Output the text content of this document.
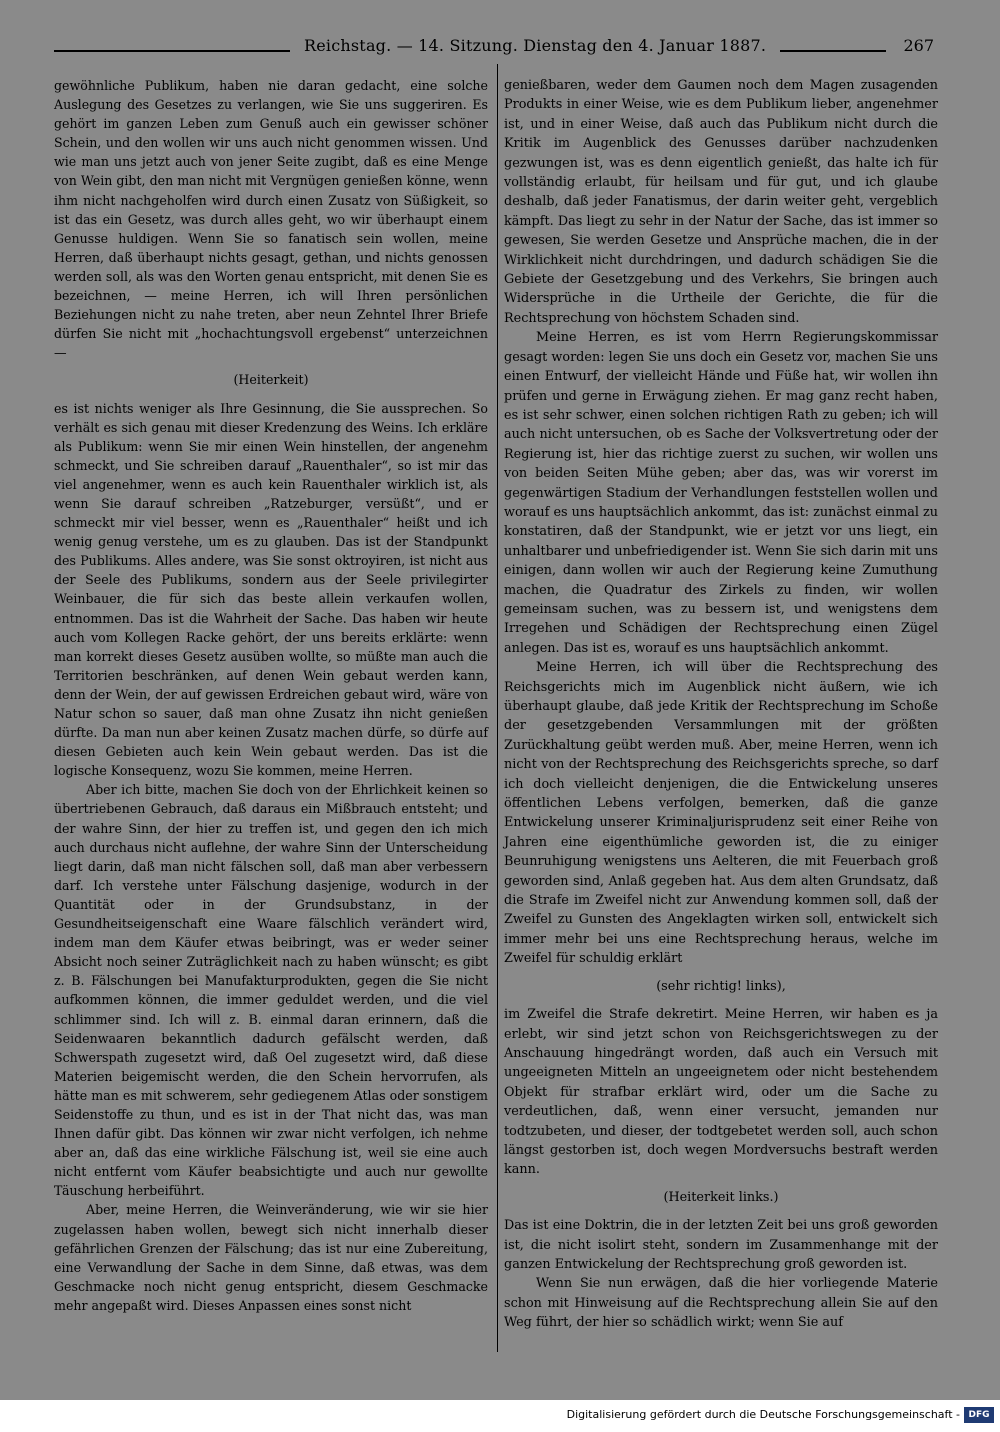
Reichstag. — 14. Sitzung. Dienstag den 4. Januar 1887.	267

gewöhnliche Publikum, haben nie daran gedacht, eine solche Auslegung des Gesetzes zu verlangen, wie Sie uns suggeriren. Es gehört im ganzen Leben zum Genuß auch ein gewisser schöner Schein, und den wollen wir uns auch nicht genommen wissen. Und wie man uns jetzt auch von jener Seite zugibt, daß es eine Menge von Wein gibt, den man nicht mit Vergnügen genießen könne, wenn ihm nicht nachgeholfen wird durch einen Zusatz von Süßigkeit, so ist das ein Gesetz, was durch alles geht, wo wir überhaupt einem Genusse huldigen. Wenn Sie so fanatisch sein wollen, meine Herren, daß überhaupt nichts gesagt, gethan, und nichts genossen werden soll, als was den Worten genau entspricht, mit denen Sie es bezeichnen, — meine Herren, ich will Ihren persönlichen Beziehungen nicht zu nahe treten, aber neun Zehntel Ihrer Briefe dürfen Sie nicht mit „hochachtungsvoll ergebenst“ unterzeichnen —

(Heiterkeit)

es ist nichts weniger als Ihre Gesinnung, die Sie aussprechen. So verhält es sich genau mit dieser Kredenzung des Weins. Ich erkläre als Publikum: wenn Sie mir einen Wein hinstellen, der angenehm schmeckt, und Sie schreiben darauf „Rauenthaler“, so ist mir das viel angenehmer, wenn es auch kein Rauenthaler wirklich ist, als wenn Sie darauf schreiben „Ratzeburger, versüßt“, und er schmeckt mir viel besser, wenn es „Rauenthaler“ heißt und ich wenig genug verstehe, um es zu glauben. Das ist der Standpunkt des Publikums. Alles andere, was Sie sonst oktroyiren, ist nicht aus der Seele des Publikums, sondern aus der Seele privilegirter Weinbauer, die für sich das beste allein verkaufen wollen, entnommen. Das ist die Wahrheit der Sache. Das haben wir heute auch vom Kollegen Racke gehört, der uns bereits erklärte: wenn man korrekt dieses Gesetz ausüben wollte, so müßte man auch die Territorien beschränken, auf denen Wein gebaut werden kann, denn der Wein, der auf gewissen Erdreichen gebaut wird, wäre von Natur schon so sauer, daß man ohne Zusatz ihn nicht genießen dürfte. Da man nun aber keinen Zusatz machen dürfe, so dürfe auf diesen Gebieten auch kein Wein gebaut werden. Das ist die logische Konsequenz, wozu Sie kommen, meine Herren.

Aber ich bitte, machen Sie doch von der Ehrlichkeit keinen so übertriebenen Gebrauch, daß daraus ein Mißbrauch entsteht; und der wahre Sinn, der hier zu treffen ist, und gegen den ich mich auch durchaus nicht auflehne, der wahre Sinn der Unterscheidung liegt darin, daß man nicht fälschen soll, daß man aber verbessern darf. Ich verstehe unter Fälschung dasjenige, wodurch in der Quantität oder in der Grundsubstanz, in der Gesundheitseigenschaft eine Waare fälschlich verändert wird, indem man dem Käufer etwas beibringt, was er weder seiner Absicht noch seiner Zuträglichkeit nach zu haben wünscht; es gibt z. B. Fälschungen bei Manufakturprodukten, gegen die Sie nicht aufkommen können, die immer geduldet werden, und die viel schlimmer sind. Ich will z. B. einmal daran erinnern, daß die Seidenwaaren bekanntlich dadurch gefälscht werden, daß Schwerspath zugesetzt wird, daß Oel zugesetzt wird, daß diese Materien beigemischt werden, die den Schein hervorrufen, als hätte man es mit schwerem, sehr gediegenem Atlas oder sonstigem Seidenstoffe zu thun, und es ist in der That nicht das, was man Ihnen dafür gibt. Das können wir zwar nicht verfolgen, ich nehme aber an, daß das eine wirkliche Fälschung ist, weil sie eine auch nicht entfernt vom Käufer beabsichtigte und auch nur gewollte Täuschung herbeiführt.

Aber, meine Herren, die Weinveränderung, wie wir sie hier zugelassen haben wollen, bewegt sich nicht innerhalb dieser gefährlichen Grenzen der Fälschung; das ist nur eine Zubereitung, eine Verwandlung der Sache in dem Sinne, daß etwas, was dem Geschmacke noch nicht genug entspricht, diesem Geschmacke mehr angepaßt wird. Dieses Anpassen eines sonst nicht

genießbaren, weder dem Gaumen noch dem Magen zusagenden Produkts in einer Weise, wie es dem Publikum lieber, angenehmer ist, und in einer Weise, daß auch das Publikum nicht durch die Kritik im Augenblick des Genusses darüber nachzudenken gezwungen ist, was es denn eigentlich genießt, das halte ich für vollständig erlaubt, für heilsam und für gut, und ich glaube deshalb, daß jeder Fanatismus, der darin weiter geht, vergeblich kämpft. Das liegt zu sehr in der Natur der Sache, das ist immer so gewesen, Sie werden Gesetze und Ansprüche machen, die in der Wirklichkeit nicht durchdringen, und dadurch schädigen Sie die Gebiete der Gesetzgebung und des Verkehrs, Sie bringen auch Widersprüche in die Urtheile der Gerichte, die für die Rechtsprechung von höchstem Schaden sind.

Meine Herren, es ist vom Herrn Regierungskommissar gesagt worden: legen Sie uns doch ein Gesetz vor, machen Sie uns einen Entwurf, der vielleicht Hände und Füße hat, wir wollen ihn prüfen und gerne in Erwägung ziehen. Er mag ganz recht haben, es ist sehr schwer, einen solchen richtigen Rath zu geben; ich will auch nicht untersuchen, ob es Sache der Volksvertretung oder der Regierung ist, hier das richtige zuerst zu suchen, wir wollen uns von beiden Seiten Mühe geben; aber das, was wir vorerst im gegenwärtigen Stadium der Verhandlungen feststellen wollen und worauf es uns hauptsächlich ankommt, das ist: zunächst einmal zu konstatiren, daß der Standpunkt, wie er jetzt vor uns liegt, ein unhaltbarer und unbefriedigender ist. Wenn Sie sich darin mit uns einigen, dann wollen wir auch der Regierung keine Zumuthung machen, die Quadratur des Zirkels zu finden, wir wollen gemeinsam suchen, was zu bessern ist, und wenigstens dem Irregehen und Schädigen der Rechtsprechung einen Zügel anlegen. Das ist es, worauf es uns hauptsächlich ankommt.

Meine Herren, ich will über die Rechtsprechung des Reichsgerichts mich im Augenblick nicht äußern, wie ich überhaupt glaube, daß jede Kritik der Rechtsprechung im Schoße der gesetzgebenden Versammlungen mit der größten Zurückhaltung geübt werden muß. Aber, meine Herren, wenn ich nicht von der Rechtsprechung des Reichsgerichts spreche, so darf ich doch vielleicht denjenigen, die die Entwickelung unseres öffentlichen Lebens verfolgen, bemerken, daß die ganze Entwickelung unserer Kriminaljurisprudenz seit einer Reihe von Jahren eine eigenthümliche geworden ist, die zu einiger Beunruhigung wenigstens uns Aelteren, die mit Feuerbach groß geworden sind, Anlaß gegeben hat. Aus dem alten Grundsatz, daß die Strafe im Zweifel nicht zur Anwendung kommen soll, daß der Zweifel zu Gunsten des Angeklagten wirken soll, entwickelt sich immer mehr bei uns eine Rechtsprechung heraus, welche im Zweifel für schuldig erklärt

(sehr richtig! links),

im Zweifel die Strafe dekretirt. Meine Herren, wir haben es ja erlebt, wir sind jetzt schon von Reichsgerichtswegen zu der Anschauung hingedrängt worden, daß auch ein Versuch mit ungeeigneten Mitteln an ungeeignetem oder nicht bestehendem Objekt für strafbar erklärt wird, oder um die Sache zu verdeutlichen, daß, wenn einer versucht, jemanden nur todtzubeten, und dieser, der todtgebetet werden soll, auch schon längst gestorben ist, doch wegen Mordversuchs bestraft werden kann.

(Heiterkeit links.)

Das ist eine Doktrin, die in der letzten Zeit bei uns groß geworden ist, die nicht isolirt steht, sondern im Zusammenhange mit der ganzen Entwickelung der Rechtsprechung groß geworden ist.

Wenn Sie nun erwägen, daß die hier vorliegende Materie schon mit Hinweisung auf die Rechtsprechung allein Sie auf den Weg führt, der hier so schädlich wirkt; wenn Sie auf

Digitalisierung gefördert durch die Deutsche Forschungsgemeinschaft - DFG
